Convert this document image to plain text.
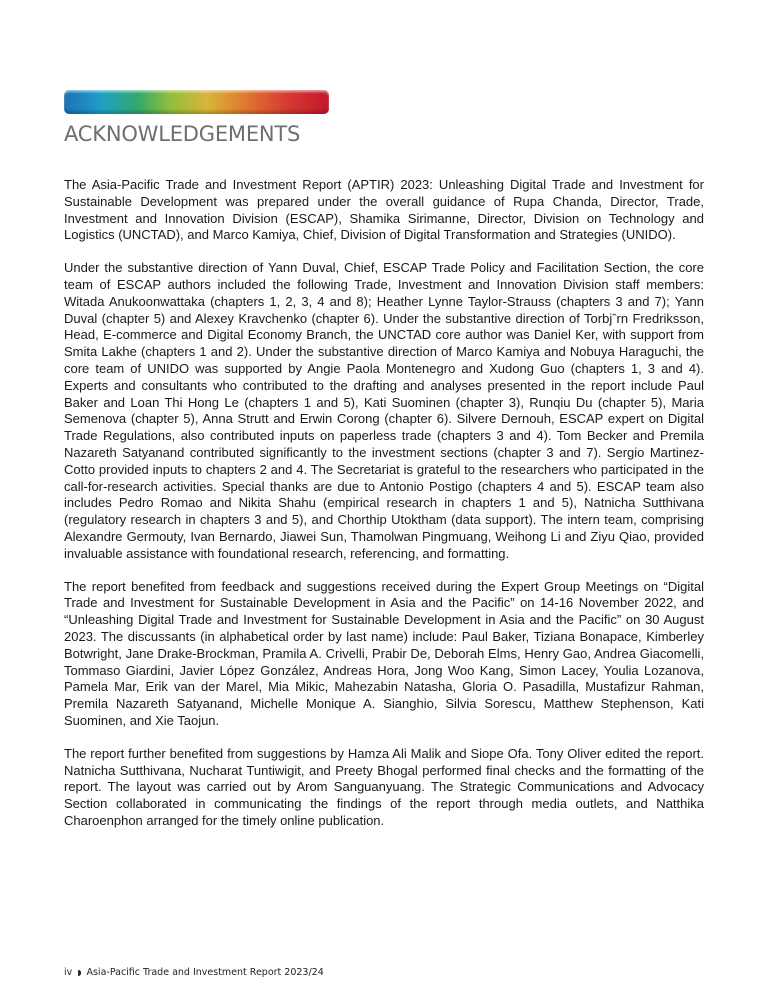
ACKNOWLEDGEMENTS

The Asia-Pacific Trade and Investment Report (APTIR) 2023: Unleashing Digital Trade and Investment for Sustainable Development was prepared under the overall guidance of Rupa Chanda, Director, Trade, Investment and Innovation Division (ESCAP), Shamika Sirimanne, Director, Division on Technology and Logistics (UNCTAD), and Marco Kamiya, Chief, Division of Digital Transformation and Strategies (UNIDO).

Under the substantive direction of Yann Duval, Chief, ESCAP Trade Policy and Facilitation Section, the core team of ESCAP authors included the following Trade, Investment and Innovation Division staff members: Witada Anukoonwattaka (chapters 1, 2, 3, 4 and 8); Heather Lynne Taylor-Strauss (chapters 3 and 7); Yann Duval (chapter 5) and Alexey Kravchenko (chapter 6). Under the substantive direction of Torbjˆrn Fredriksson, Head, E-commerce and Digital Economy Branch, the UNCTAD core author was Daniel Ker, with support from Smita Lakhe (chapters 1 and 2). Under the substantive direction of Marco Kamiya and Nobuya Haraguchi, the core team of UNIDO was supported by Angie Paola Montenegro and Xudong Guo (chapters 1, 3 and 4). Experts and consultants who contributed to the drafting and analyses presented in the report include Paul Baker and Loan Thi Hong Le (chapters 1 and 5), Kati Suominen (chapter 3), Runqiu Du (chapter 5), Maria Semenova (chapter 5), Anna Strutt and Erwin Corong (chapter 6). Silvere Dernouh, ESCAP expert on Digital Trade Regulations, also contributed inputs on paperless trade (chapters 3 and 4). Tom Becker and Premila Nazareth Satyanand contributed significantly to the investment sections (chapter 3 and 7). Sergio Martinez-Cotto provided inputs to chapters 2 and 4. The Secretariat is grateful to the researchers who participated in the call-for-research activities. Special thanks are due to Antonio Postigo (chapters 4 and 5). ESCAP team also includes Pedro Romao and Nikita Shahu (empirical research in chapters 1 and 5), Natnicha Sutthivana (regulatory research in chapters 3 and 5), and Chorthip Utoktham (data support). The intern team, comprising Alexandre Germouty, Ivan Bernardo, Jiawei Sun, Thamolwan Pingmuang, Weihong Li and Ziyu Qiao, provided invaluable assistance with foundational research, referencing, and formatting.

The report benefited from feedback and suggestions received during the Expert Group Meetings on “Digital Trade and Investment for Sustainable Development in Asia and the Pacific” on 14-16 November 2022, and “Unleashing Digital Trade and Investment for Sustainable Development in Asia and the Pacific” on 30 August 2023. The discussants (in alphabetical order by last name) include: Paul Baker, Tiziana Bonapace, Kimberley Botwright, Jane Drake-Brockman, Pramila A. Crivelli, Prabir De, Deborah Elms, Henry Gao, Andrea Giacomelli, Tommaso Giardini, Javier López González, Andreas Hora, Jong Woo Kang, Simon Lacey, Youlia Lozanova, Pamela Mar, Erik van der Marel, Mia Mikic, Mahezabin Natasha, Gloria O. Pasadilla, Mustafizur Rahman, Premila Nazareth Satyanand, Michelle Monique A. Sianghio, Silvia Sorescu, Matthew Stephenson, Kati Suominen, and Xie Taojun.

The report further benefited from suggestions by Hamza Ali Malik and Siope Ofa. Tony Oliver edited the report. Natnicha Sutthivana, Nucharat Tuntiwigit, and Preety Bhogal performed final checks and the formatting of the report. The layout was carried out by Arom Sanguanyuang. The Strategic Communications and Advocacy Section collaborated in communicating the findings of the report through media outlets, and Natthika Charoenphon arranged for the timely online publication.

iv ◗ Asia-Pacific Trade and Investment Report 2023/24
